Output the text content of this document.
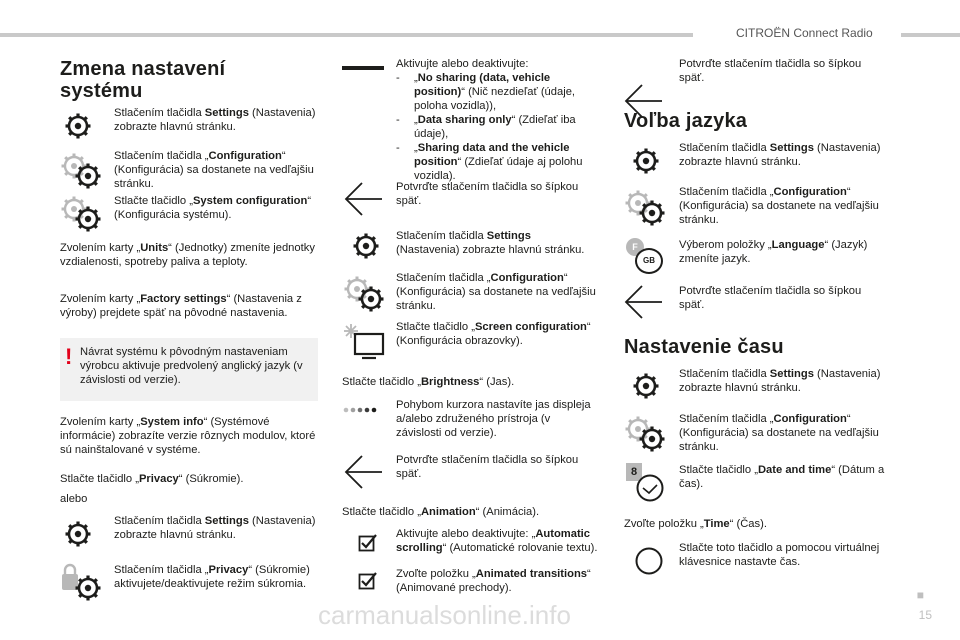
CITROËN Connect Radio
Zmena nastavení systému
Stlačením tlačidla Settings (Nastavenia) zobrazte hlavnú stránku.
Stlačením tlačidla „Configuration“ (Konfigurácia) sa dostanete na vedľajšiu stránku.
Stlačte tlačidlo „System configuration“ (Konfigurácia systému).
Zvolením karty „Units“ (Jednotky) zmeníte jednotky vzdialenosti, spotreby paliva a teploty.
Zvolením karty „Factory settings“ (Nastavenia z výroby) prejdete späť na pôvodné nastavenia.
! Návrat systému k pôvodným nastaveniam výrobcu aktivuje predvolený anglický jazyk (v závislosti od verzie).
Zvolením karty „System info“ (Systémové informácie) zobrazíte verzie rôznych modulov, ktoré sú nainštalované v systéme.
Stlačte tlačidlo „Privacy“ (Súkromie).
alebo
Stlačením tlačidla Settings (Nastavenia) zobrazte hlavnú stránku.
Stlačením tlačidla „Privacy“ (Súkromie) aktivujete/deaktivujete režim súkromia.
Aktivujte alebo deaktivujte:
-	„No sharing (data, vehicle position)“ (Nič nezdieľať (údaje, poloha vozidla)),
-	„Data sharing only“ (Zdieľať iba údaje),
-	„Sharing data and the vehicle position“ (Zdieľať údaje aj polohu vozidla).
Potvrďte stlačením tlačidla so šípkou späť.
Stlačením tlačidla Settings (Nastavenia) zobrazte hlavnú stránku.
Stlačením tlačidla „Configuration“ (Konfigurácia) sa dostanete na vedľajšiu stránku.
Stlačte tlačidlo „Screen configuration“ (Konfigurácia obrazovky).
Stlačte tlačidlo „Brightness“ (Jas).
Pohybom kurzora nastavíte jas displeja a/alebo združeného prístroja (v závislosti od verzie).
Potvrďte stlačením tlačidla so šípkou späť.
Stlačte tlačidlo „Animation“ (Animácia).
Aktivujte alebo deaktivujte: „Automatic scrolling“ (Automatické rolovanie textu).
Zvoľte položku „Animated transitions“ (Animované prechody).
Potvrďte stlačením tlačidla so šípkou späť.
Voľba jazyka
Stlačením tlačidla Settings (Nastavenia) zobrazte hlavnú stránku.
Stlačením tlačidla „Configuration“ (Konfigurácia) sa dostanete na vedľajšiu stránku.
F
GB
Výberom položky „Language“ (Jazyk) zmeníte jazyk.
Potvrďte stlačením tlačidla so šípkou späť.
Nastavenie času
Stlačením tlačidla Settings (Nastavenia) zobrazte hlavnú stránku.
Stlačením tlačidla „Configuration“ (Konfigurácia) sa dostanete na vedľajšiu stránku.
8	Stlačte tlačidlo „Date and time“ (Dátum a čas).
Zvoľte položku „Time“ (Čas).
Stlačte toto tlačidlo a pomocou virtuálnej klávesnice nastavte čas.
carmanualsonline.info
■
15
